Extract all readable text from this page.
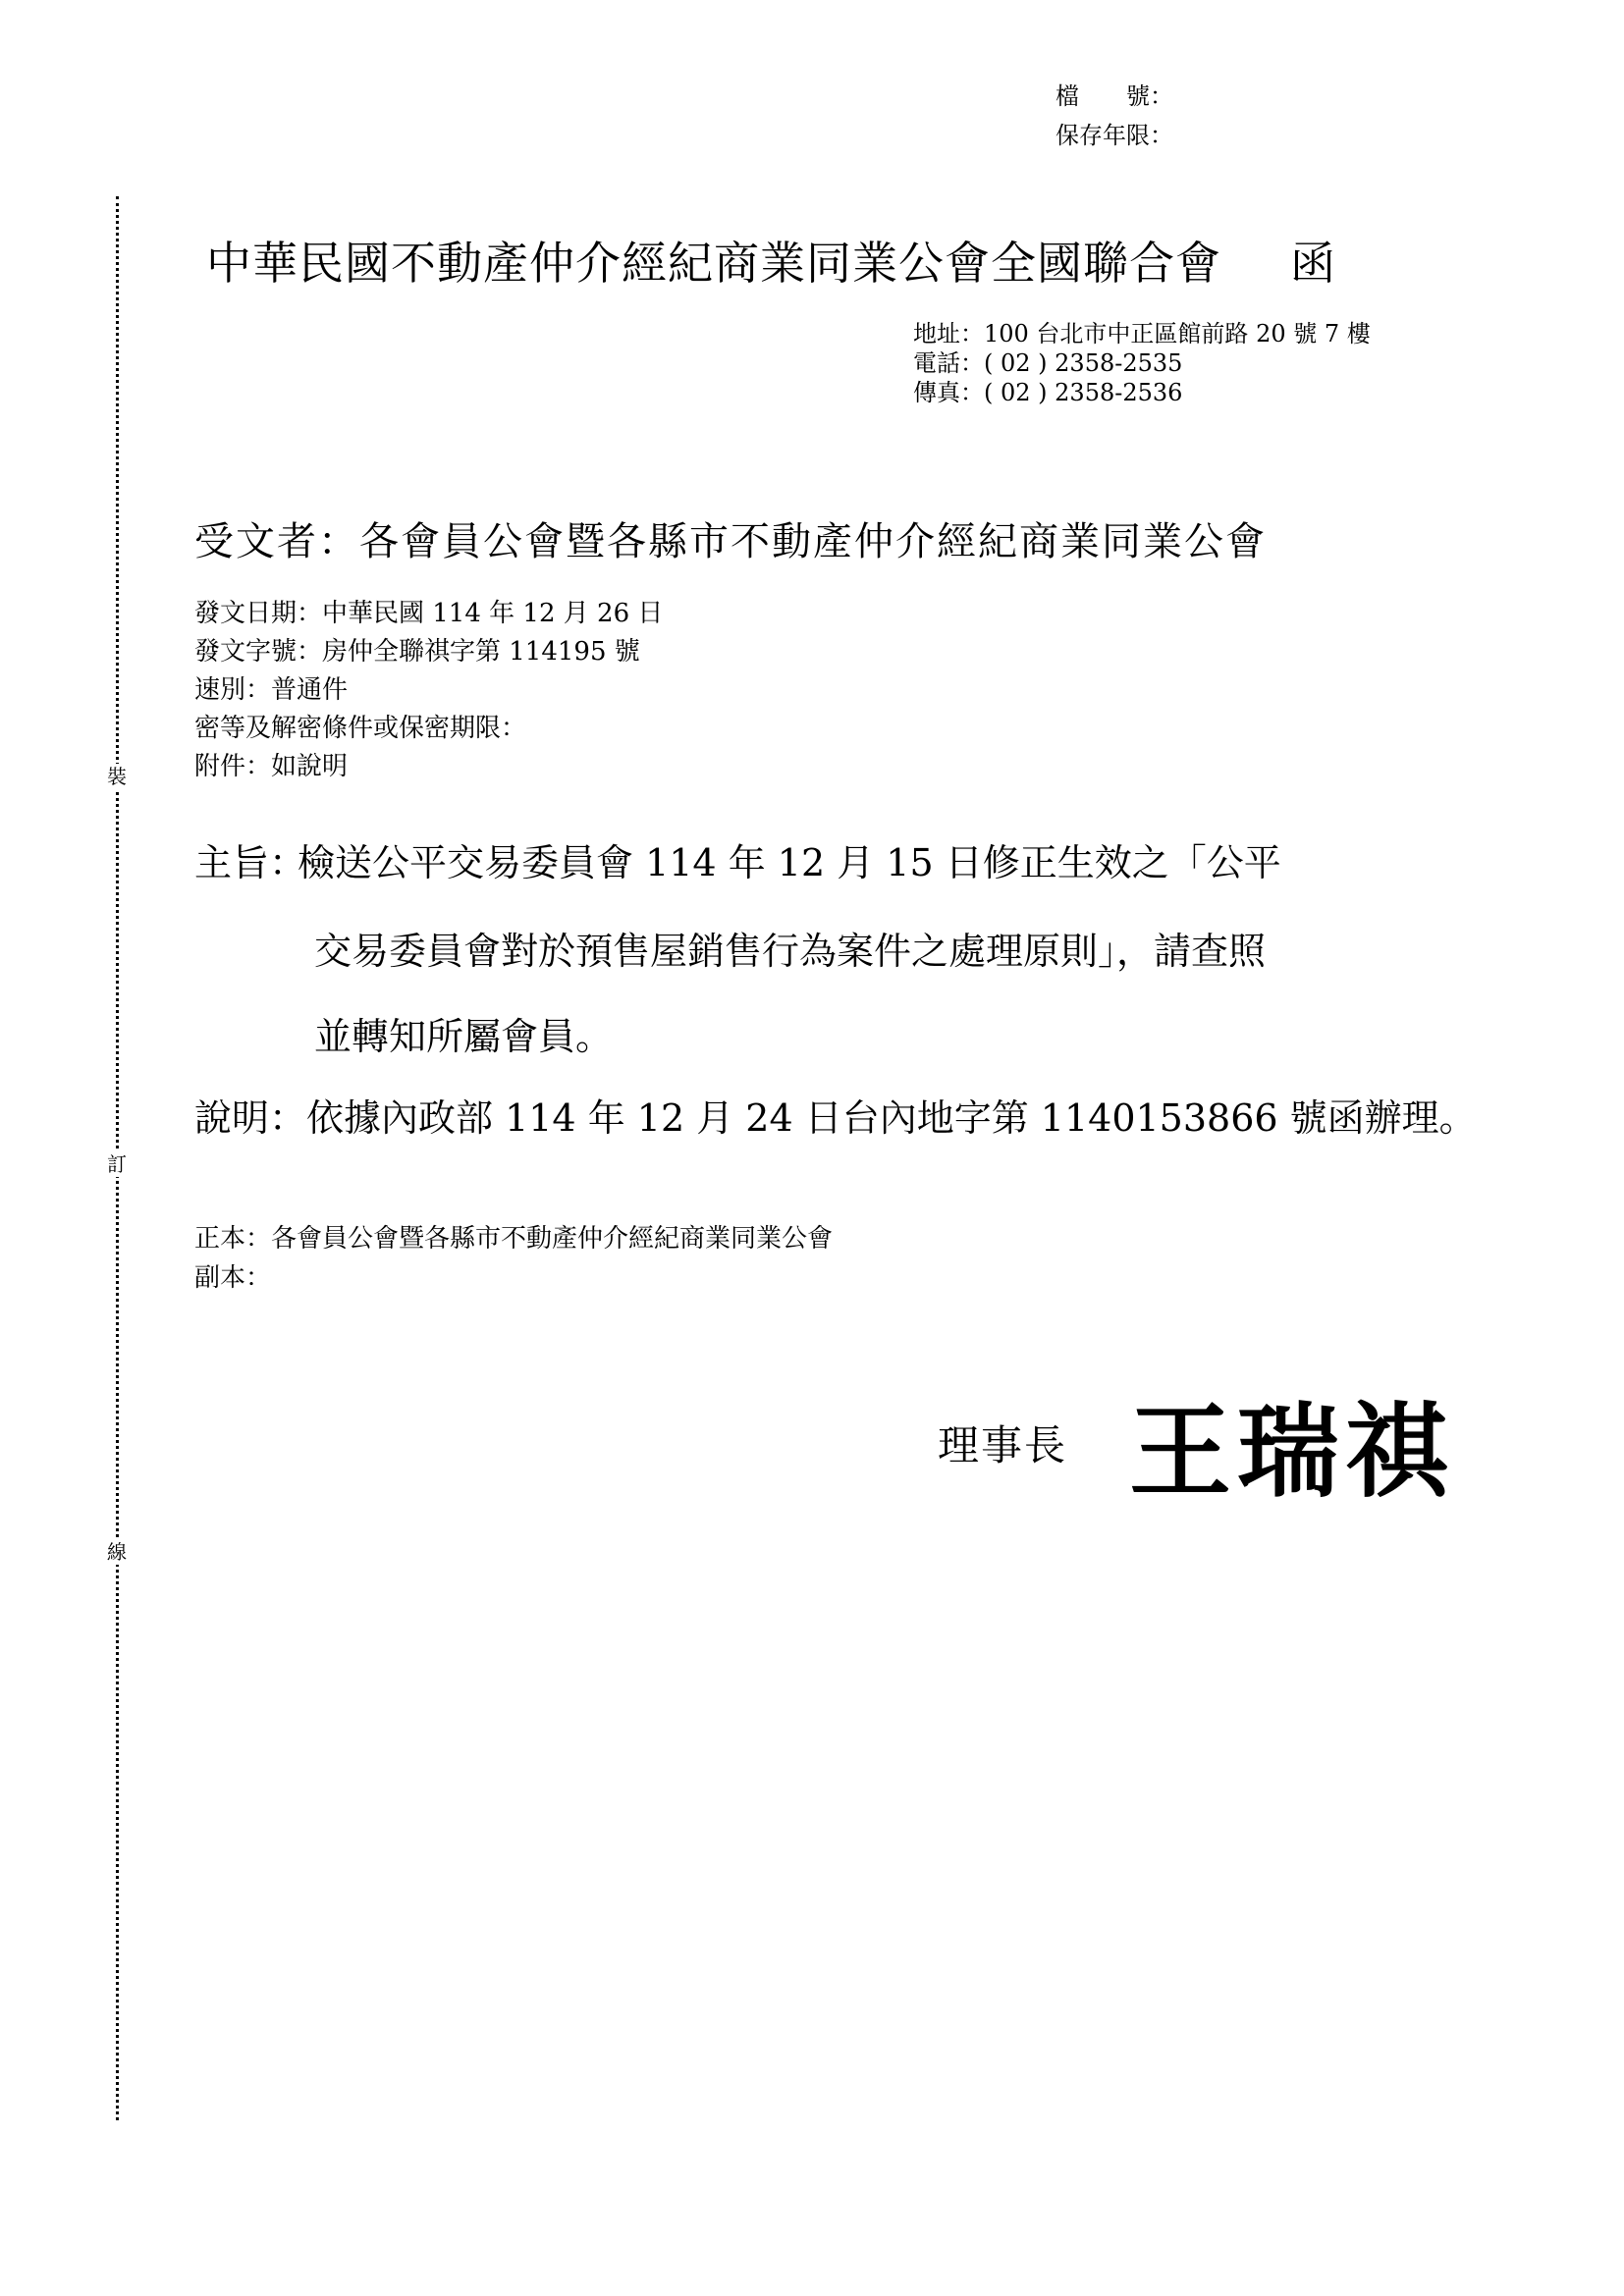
檔　　號：
保存年限：
裝
訂
線
中華民國不動產仲介經紀商業同業公會全國聯合會 函
地址：100 台北市中正區館前路 20 號 7 樓
電話：( 02 ) 2358-2535
傳真：( 02 ) 2358-2536
受文者：各會員公會暨各縣市不動產仲介經紀商業同業公會
發文日期：中華民國 114 年 12 月 26 日
發文字號：房仲全聯祺字第 114195 號
速別：普通件
密等及解密條件或保密期限：
附件：如說明
主旨：
檢送公平交易委員會 114 年 12 月 15 日修正生效之「公平
交易委員會對於預售屋銷售行為案件之處理原則」，請查照
並轉知所屬會員。
說明：依據內政部 114 年 12 月 24 日台內地字第 1140153866 號函辦理。
正本：各會員公會暨各縣市不動產仲介經紀商業同業公會
副本：
理事長 王瑞祺
